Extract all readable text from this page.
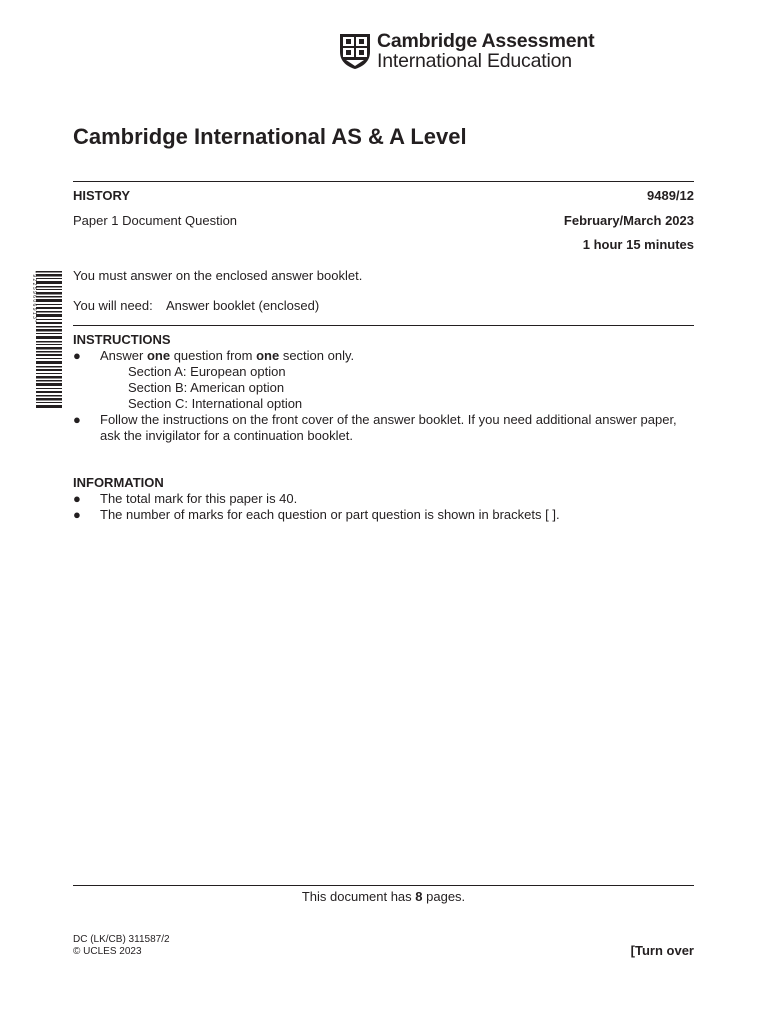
Cambridge Assessment
International Education
Cambridge International AS & A Level
HISTORY	9489/12
Paper 1 Document Question	February/March 2023
1 hour 15 minutes
* 9 2 2 5 9 6 0 6 9 1 3 *	You must answer on the enclosed answer booklet.
You will need: Answer booklet (enclosed)
INSTRUCTIONS
● Answer one question from one section only.
Section A: European option
Section B: American option
Section C: International option
● Follow the instructions on the front cover of the answer booklet. If you need additional answer paper,
ask the invigilator for a continuation booklet.
INFORMATION
● The total mark for this paper is 40.
● The number of marks for each question or part question is shown in brackets [ ].
This document has 8 pages.
DC (LK/CB) 311587/2
© UCLES 2023	[Turn over
